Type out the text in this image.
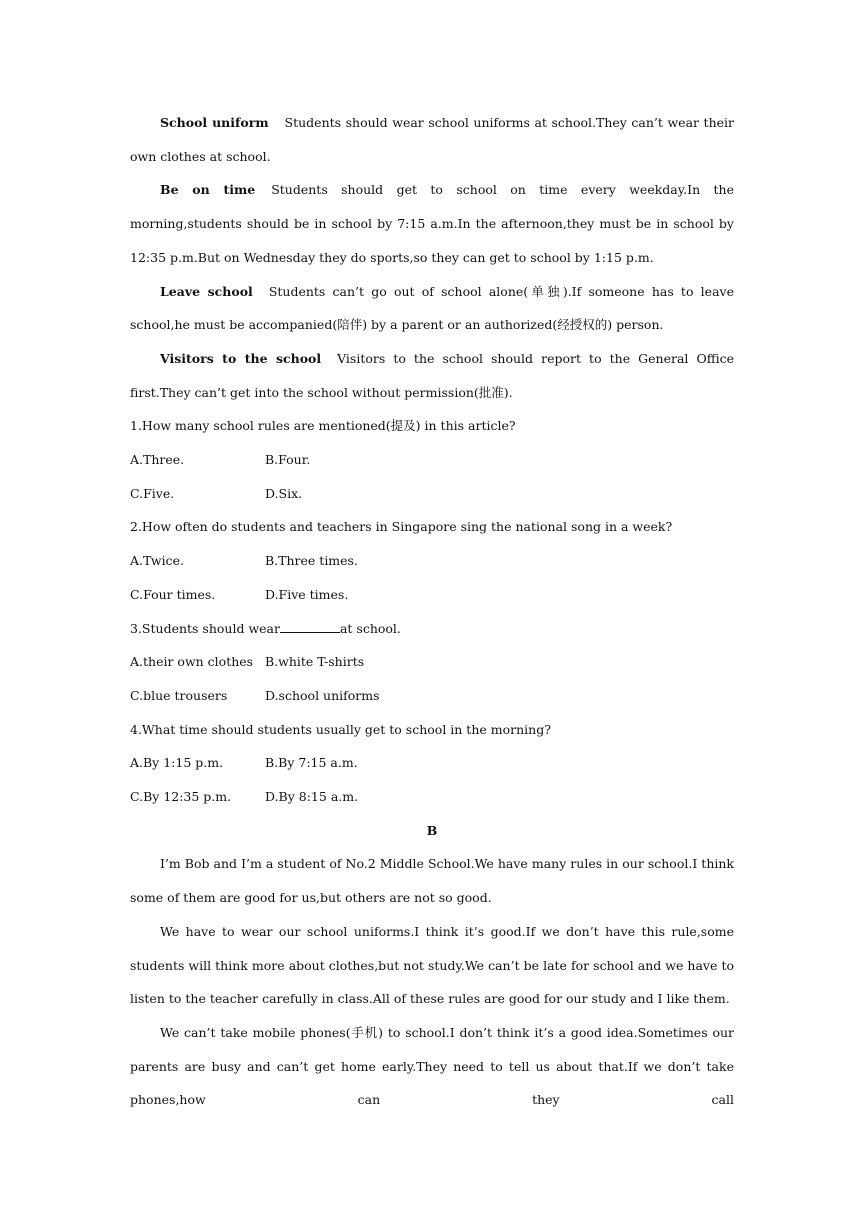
School uniform Students should wear school uniforms at school.They can’t wear their own clothes at school.

Be on time Students should get to school on time every weekday.In the morning,students should be in school by 7:15 a.m.In the afternoon,they must be in school by 12:35 p.m.But on Wednesday they do sports,so they can get to school by 1:15 p.m.

Leave school Students can’t go out of school alone(单独).If someone has to leave school,he must be accompanied(陪伴) by a parent or an authorized(经授权的) person.

Visitors to the school Visitors to the school should report to the General Office first.They can’t get into the school without permission(批准).

1.How many school rules are mentioned(提及) in this article?

A.Three.	B.Four.
C.Five.	D.Six.

2.How often do students and teachers in Singapore sing the national song in a week?

A.Twice.	B.Three times.
C.Four times.	D.Five times.

3.Students should wear	at school.

A.their own clothes B.white T-shirts
C.blue trousers	D.school uniforms

4.What time should students usually get to school in the morning?

A.By 1:15 p.m.	B.By 7:15 a.m.
C.By 12:35 p.m.	D.By 8:15 a.m.
B

I’m Bob and I’m a student of No.2 Middle School.We have many rules in our school.I think some of them are good for us,but others are not so good.

We have to wear our school uniforms.I think it’s good.If we don’t have this rule,some students will think more about clothes,but not study.We can’t be late for school and we have to listen to the teacher carefully in class.All of these rules are good for our study and I like them.

We can’t take mobile phones(手机) to school.I don’t think it’s a good idea.Sometimes our parents are busy and can’t get home early.They need to tell us about that.If we don’t take phones,how can they call
